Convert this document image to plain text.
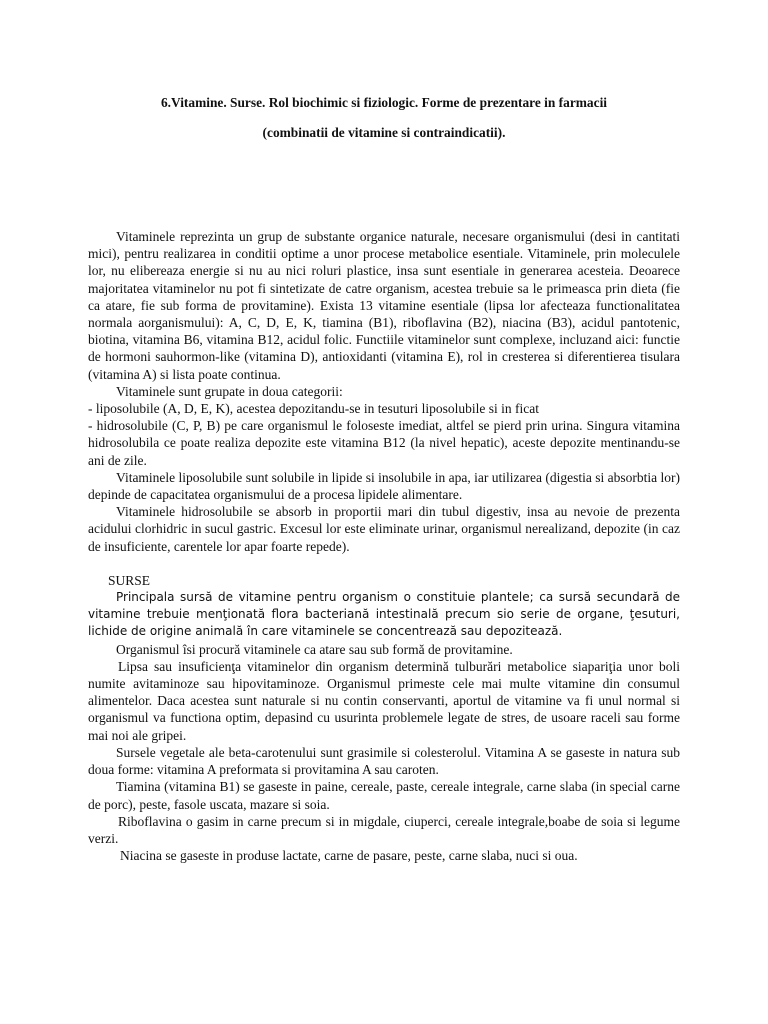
6.Vitamine. Surse. Rol biochimic si fiziologic. Forme de prezentare in farmacii

(combinatii de vitamine si contraindicatii).

Vitaminele reprezinta un grup de substante organice naturale, necesare organismului (desi in cantitati mici), pentru realizarea in conditii optime a unor procese metabolice esentiale. Vitaminele, prin moleculele lor, nu elibereaza energie si nu au nici roluri plastice, insa sunt esentiale in generarea acesteia. Deoarece majoritatea vitaminelor nu pot fi sintetizate de catre organism, acestea trebuie sa le primeasca prin dieta (fie ca atare, fie sub forma de provitamine). Exista 13 vitamine esentiale (lipsa lor afecteaza functionalitatea normala aorganismului): A, C, D, E, K, tiamina (B1), riboflavina (B2), niacina (B3), acidul pantotenic, biotina, vitamina B6, vitamina B12, acidul folic. Functiile vitaminelor sunt complexe, incluzand aici: functie de hormoni sauhormon-like (vitamina D), antioxidanti (vitamina E), rol in cresterea si diferentierea tisulara (vitamina A) si lista poate continua.

Vitaminele sunt grupate in doua categorii:

- liposolubile (A, D, E, K), acestea depozitandu-se in tesuturi liposolubile si in ficat

- hidrosolubile (C, P, B) pe care organismul le foloseste imediat, altfel se pierd prin urina. Singura vitamina hidrosolubila ce poate realiza depozite este vitamina B12 (la nivel hepatic), aceste depozite mentinandu-se ani de zile.

Vitaminele liposolubile sunt solubile in lipide si insolubile in apa, iar utilizarea (digestia si absorbtia lor) depinde de capacitatea organismului de a procesa lipidele alimentare.

Vitaminele hidrosolubile se absorb in proportii mari din tubul digestiv, insa au nevoie de prezenta acidului clorhidric in sucul gastric. Excesul lor este eliminate urinar, organismul nerealizand, depozite (in caz de insuficiente, carentele lor apar foarte repede).

SURSE

Principala sursă de vitamine pentru organism o constituie plantele; ca sursă secundară de vitamine trebuie menţionată flora bacteriană intestinală precum sio serie de organe, ţesuturi, lichide de origine animală în care vitaminele se concentrează sau depozitează.

Organismul îsi procură vitaminele ca atare sau sub formă de provitamine.

Lipsa sau insuficienţa vitaminelor din organism determină tulburări metabolice siapariţia unor boli numite avitaminoze sau hipovitaminoze. Organismul primeste cele mai multe vitamine din consumul alimentelor. Daca acestea sunt naturale si nu contin conservanti, aportul de vitamine va fi unul normal si organismul va functiona optim, depasind cu usurinta problemele legate de stres, de usoare raceli sau forme mai noi ale gripei.

Sursele vegetale ale beta-carotenului sunt grasimile si colesterolul. Vitamina A se gaseste in natura sub doua forme: vitamina A preformata si provitamina A sau caroten.

Tiamina (vitamina B1) se gaseste in paine, cereale, paste, cereale integrale, carne slaba (in special carne de porc), peste, fasole uscata, mazare si soia.

Riboflavina o gasim in carne precum si in migdale, ciuperci, cereale integrale,boabe de soia si legume verzi.

Niacina se gaseste in produse lactate, carne de pasare, peste, carne slaba, nuci si oua.
